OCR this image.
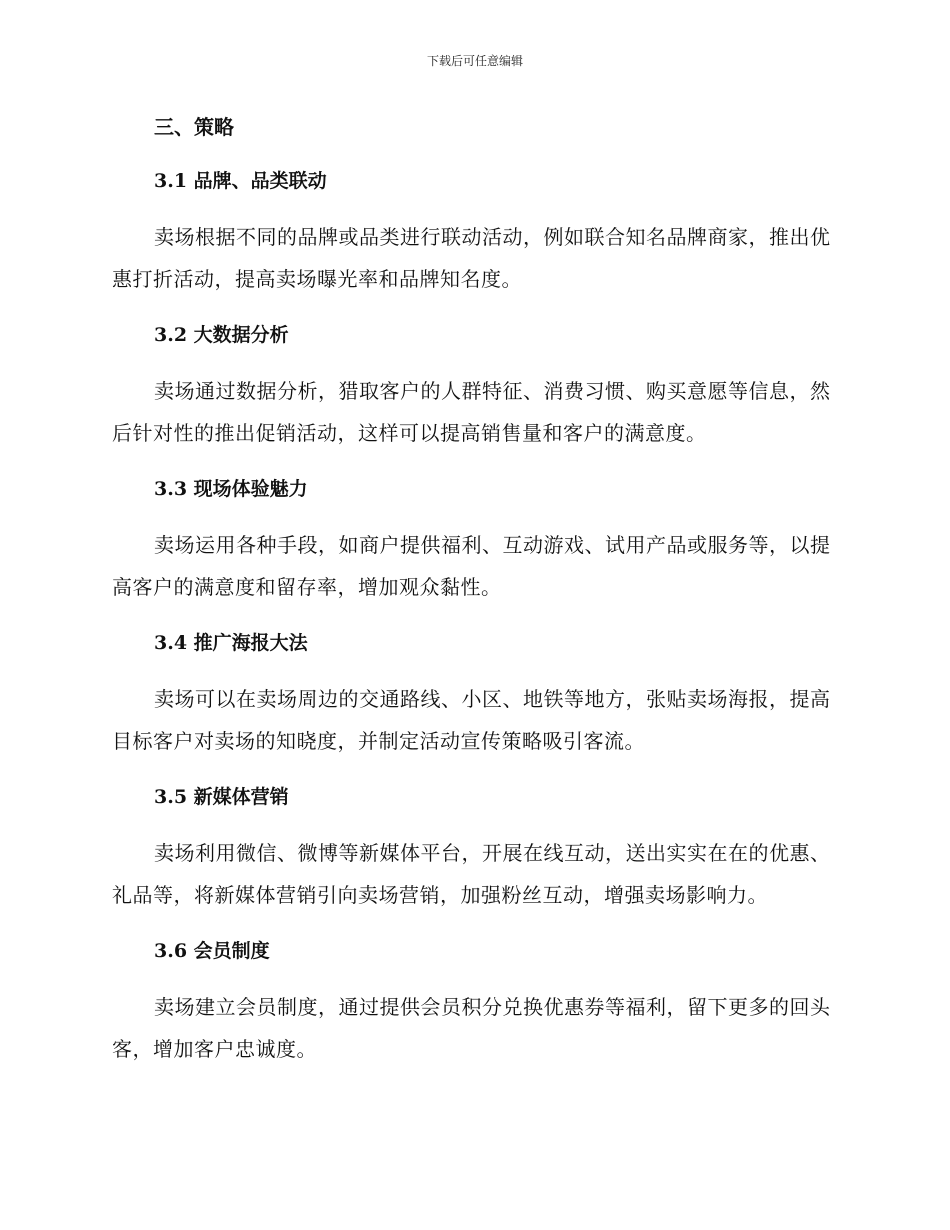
下载后可任意编辑
三、策略
3.1 品牌、品类联动

卖场根据不同的品牌或品类进行联动活动，例如联合知名品牌商家，推出优惠打折活动，提高卖场曝光率和品牌知名度。

3.2 大数据分析

卖场通过数据分析，猎取客户的人群特征、消费习惯、购买意愿等信息，然后针对性的推出促销活动，这样可以提高销售量和客户的满意度。

3.3 现场体验魅力

卖场运用各种手段，如商户提供福利、互动游戏、试用产品或服务等，以提高客户的满意度和留存率，增加观众黏性。

3.4 推广海报大法

卖场可以在卖场周边的交通路线、小区、地铁等地方，张贴卖场海报，提高目标客户对卖场的知晓度，并制定活动宣传策略吸引客流。

3.5 新媒体营销

卖场利用微信、微博等新媒体平台，开展在线互动，送出实实在在的优惠、礼品等，将新媒体营销引向卖场营销，加强粉丝互动，增强卖场影响力。

3.6 会员制度

卖场建立会员制度，通过提供会员积分兑换优惠券等福利，留下更多的回头客，增加客户忠诚度。
